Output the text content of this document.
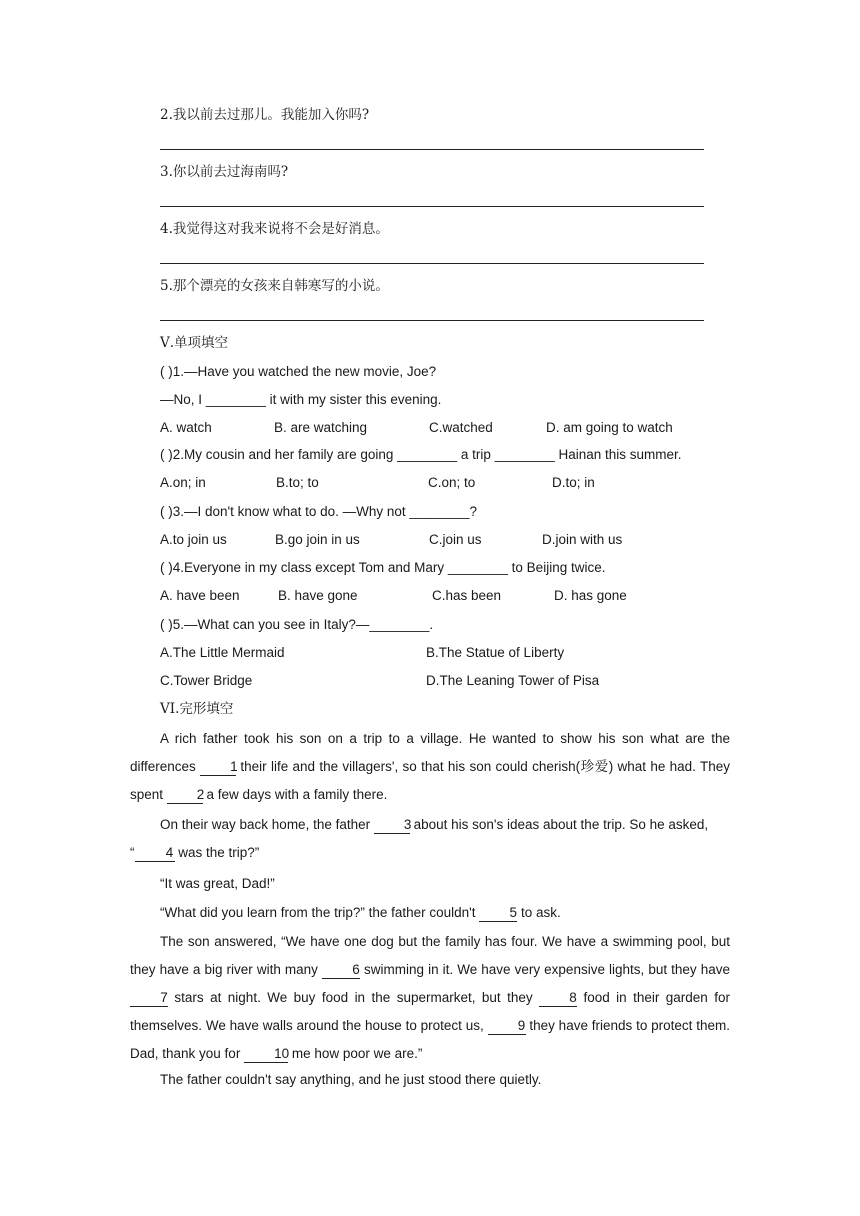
2.我以前去过那儿。我能加入你吗?
3.你以前去过海南吗?
4.我觉得这对我来说将不会是好消息。
5.那个漂亮的女孩来自韩寒写的小说。
Ⅴ.单项填空
( )1.—Have you watched the new movie, Joe?
—No, I ________ it with my sister this evening.
A. watch	B. are watching	C.watched	D. am going to watch
( )2.My cousin and her family are going ________ a trip ________ Hainan this summer.
A.on; in	B.to; to	C.on; to	D.to; in
( )3.—I don't know what to do. —Why not ________?
A.to join us	B.go join in us	C.join us	D.join with us
( )4.Everyone in my class except Tom and Mary ________ to Beijing twice.
A. have been	B. have gone	C.has been	D. has gone
( )5.—What can you see in Italy?—________.
A.The Little Mermaid	B.The Statue of Liberty
C.Tower Bridge	D.The Leaning Tower of Pisa
VI.完形填空
A rich father took his son on a trip to a village. He wanted to show his son what are the differences 1 their life and the villagers', so that his son could cherish(珍爱) what he had. They spent 2 a few days with a family there.
On their way back home, the father 3 about his son's ideas about the trip. So he asked,
“ 4 was the trip?”
“It was great, Dad!”
“What did you learn from the trip?” the father couldn't 5 to ask.
The son answered, “We have one dog but the family has four. We have a swimming pool, but they have a big river with many 6 swimming in it. We have very expensive lights, but they have 7 stars at night. We buy food in the supermarket, but they 8 food in their garden for themselves. We have walls around the house to protect us, 9 they have friends to protect them. Dad, thank you for 10 me how poor we are.”
The father couldn't say anything, and he just stood there quietly.
